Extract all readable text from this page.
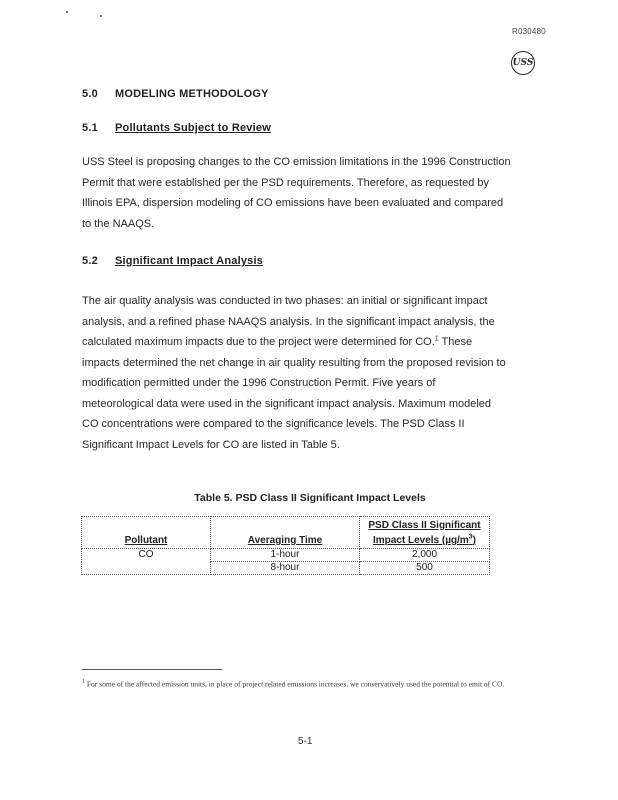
R030480
USS
5.0 MODELING METHODOLOGY
5.1 Pollutants Subject to Review

USS Steel is proposing changes to the CO emission limitations in the 1996 Construction

Permit that were established per the PSD requirements. Therefore, as requested by

Illinois EPA, dispersion modeling of CO emissions have been evaluated and compared

to the NAAQS.

5.2 Significant Impact Analysis

The air quality analysis was conducted in two phases: an initial or significant impact

analysis, and a refined phase NAAQS analysis. In the significant impact analysis, the

calculated maximum impacts due to the project were determined for CO.$^1$ These

impacts determined the net change in air quality resulting from the proposed revision to

modification permitted under the 1996 Construction Permit. Five years of

meteorological data were used in the significant impact analysis. Maximum modeled

CO concentrations were compared to the significance levels. The PSD Class II

Significant Impact Levels for CO are listed in Table 5.

Table 5. PSD Class II Significant Impact Levels
Pollutant	Averaging Time	PSD Class II Significant
Impact Levels $(\mu g/m^3)$
CO	1-hour	2,000
	8-hour	500
$^1$ For some of the affected emission units, in place of project related emissions increases, we conservatively used the potential to emit of CO.
5-1
